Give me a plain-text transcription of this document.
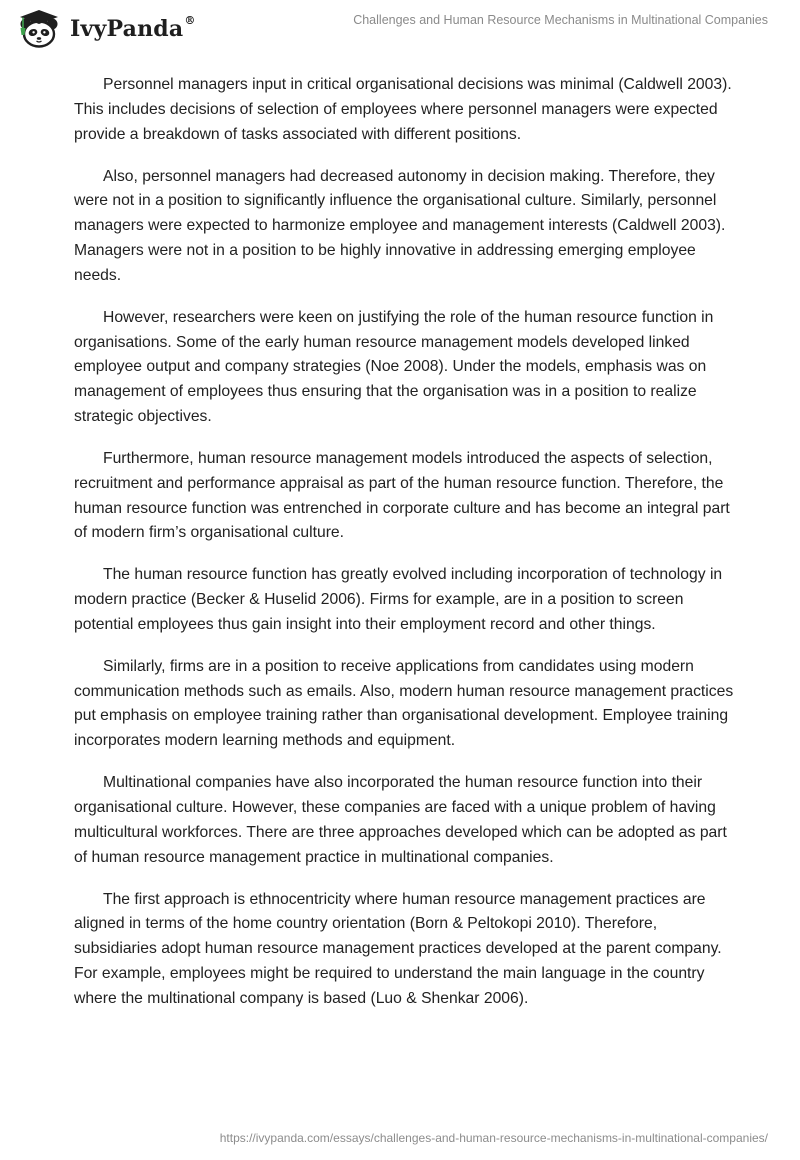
IvyPanda®	Challenges and Human Resource Mechanisms in Multinational Companies

Personnel managers input in critical organisational decisions was minimal (Caldwell 2003). This includes decisions of selection of employees where personnel managers were expected provide a breakdown of tasks associated with different positions.

Also, personnel managers had decreased autonomy in decision making. Therefore, they were not in a position to significantly influence the organisational culture. Similarly, personnel managers were expected to harmonize employee and management interests (Caldwell 2003). Managers were not in a position to be highly innovative in addressing emerging employee needs.

However, researchers were keen on justifying the role of the human resource function in organisations. Some of the early human resource management models developed linked employee output and company strategies (Noe 2008). Under the models, emphasis was on management of employees thus ensuring that the organisation was in a position to realize strategic objectives.

Furthermore, human resource management models introduced the aspects of selection, recruitment and performance appraisal as part of the human resource function. Therefore, the human resource function was entrenched in corporate culture and has become an integral part of modern firm’s organisational culture.

The human resource function has greatly evolved including incorporation of technology in modern practice (Becker & Huselid 2006). Firms for example, are in a position to screen potential employees thus gain insight into their employment record and other things.

Similarly, firms are in a position to receive applications from candidates using modern communication methods such as emails. Also, modern human resource management practices put emphasis on employee training rather than organisational development. Employee training incorporates modern learning methods and equipment.

Multinational companies have also incorporated the human resource function into their organisational culture. However, these companies are faced with a unique problem of having multicultural workforces. There are three approaches developed which can be adopted as part of human resource management practice in multinational companies.

The first approach is ethnocentricity where human resource management practices are aligned in terms of the home country orientation (Born & Peltokopi 2010). Therefore, subsidiaries adopt human resource management practices developed at the parent company. For example, employees might be required to understand the main language in the country where the multinational company is based (Luo & Shenkar 2006).

https://ivypanda.com/essays/challenges-and-human-resource-mechanisms-in-multinational-companies/
